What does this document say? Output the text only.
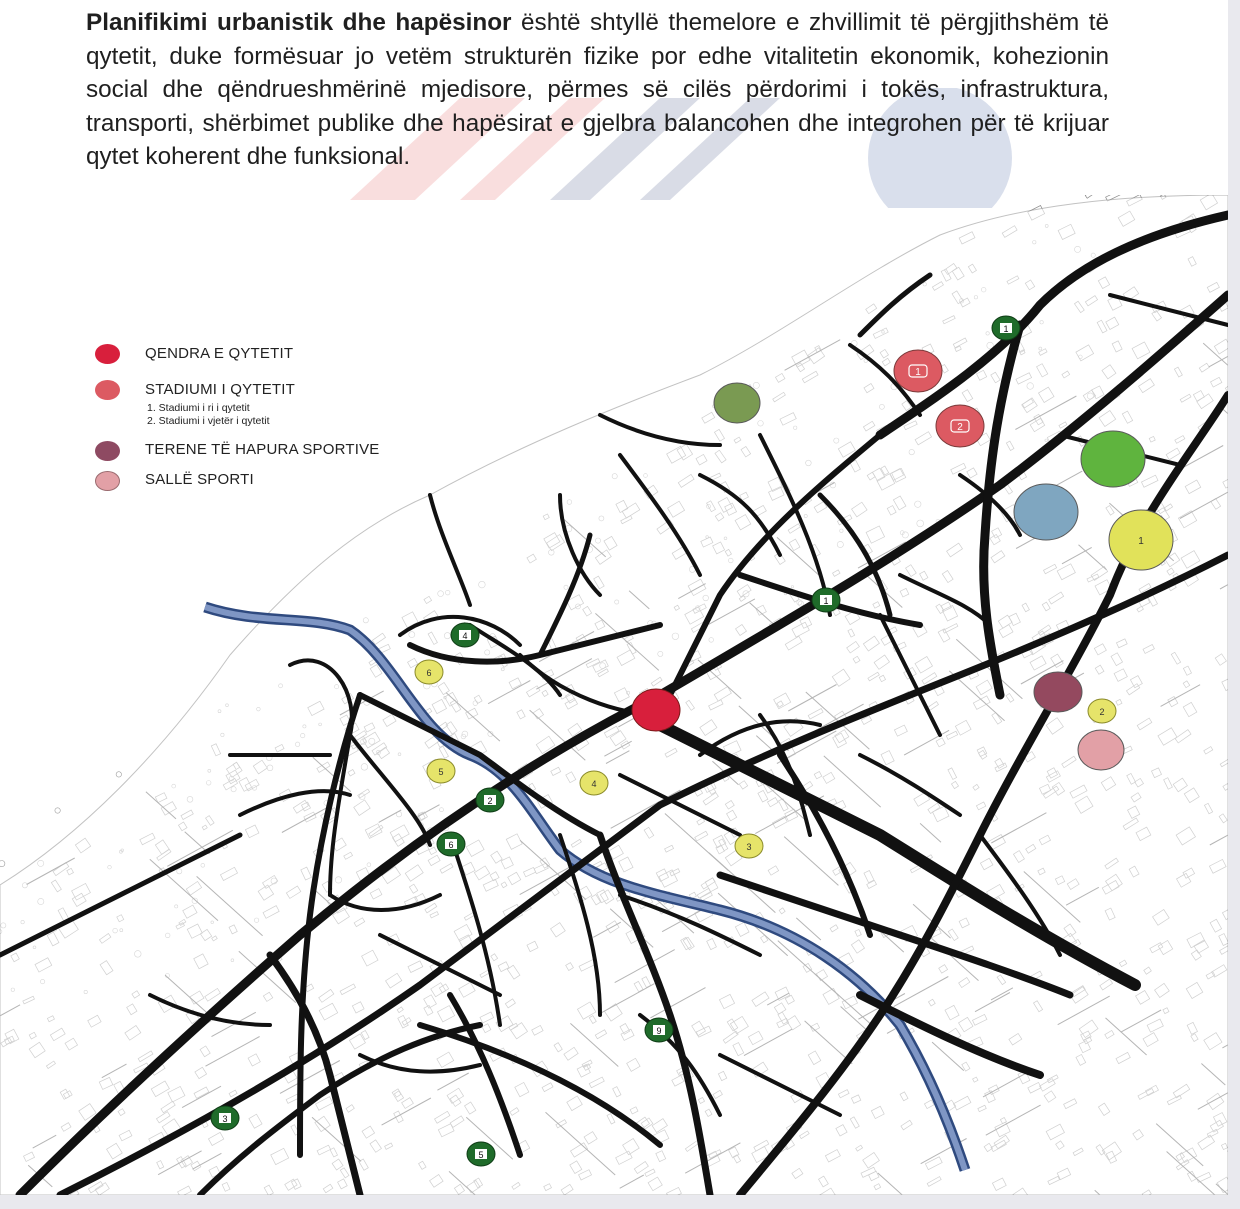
Planifikimi urbanistik dhe hapësinor është shtyllë themelore e zhvillimit të përgjithshëm të qytetit, duke formësuar jo vetëm strukturën fizike por edhe vitalitetin ekonomik, kohezionin social dhe qëndrueshmërinë mjedisore, përmes së cilës përdorimi i tokës, infrastruktura, transporti, shërbimet publike dhe hapësirat e gjelbra balancohen dhe integrohen për të krijuar qytet koherent dhe funksional.

1
1
2
1
1
4
2
6
9
3
5
6
5
4
3
2
QENDRA E QYTETIT
STADIUMI I QYTETIT
1. Stadiumi i ri i qytetit
2. Stadiumi i vjetër i qytetit
TERENE TË HAPURA SPORTIVE
SALLË SPORTI
